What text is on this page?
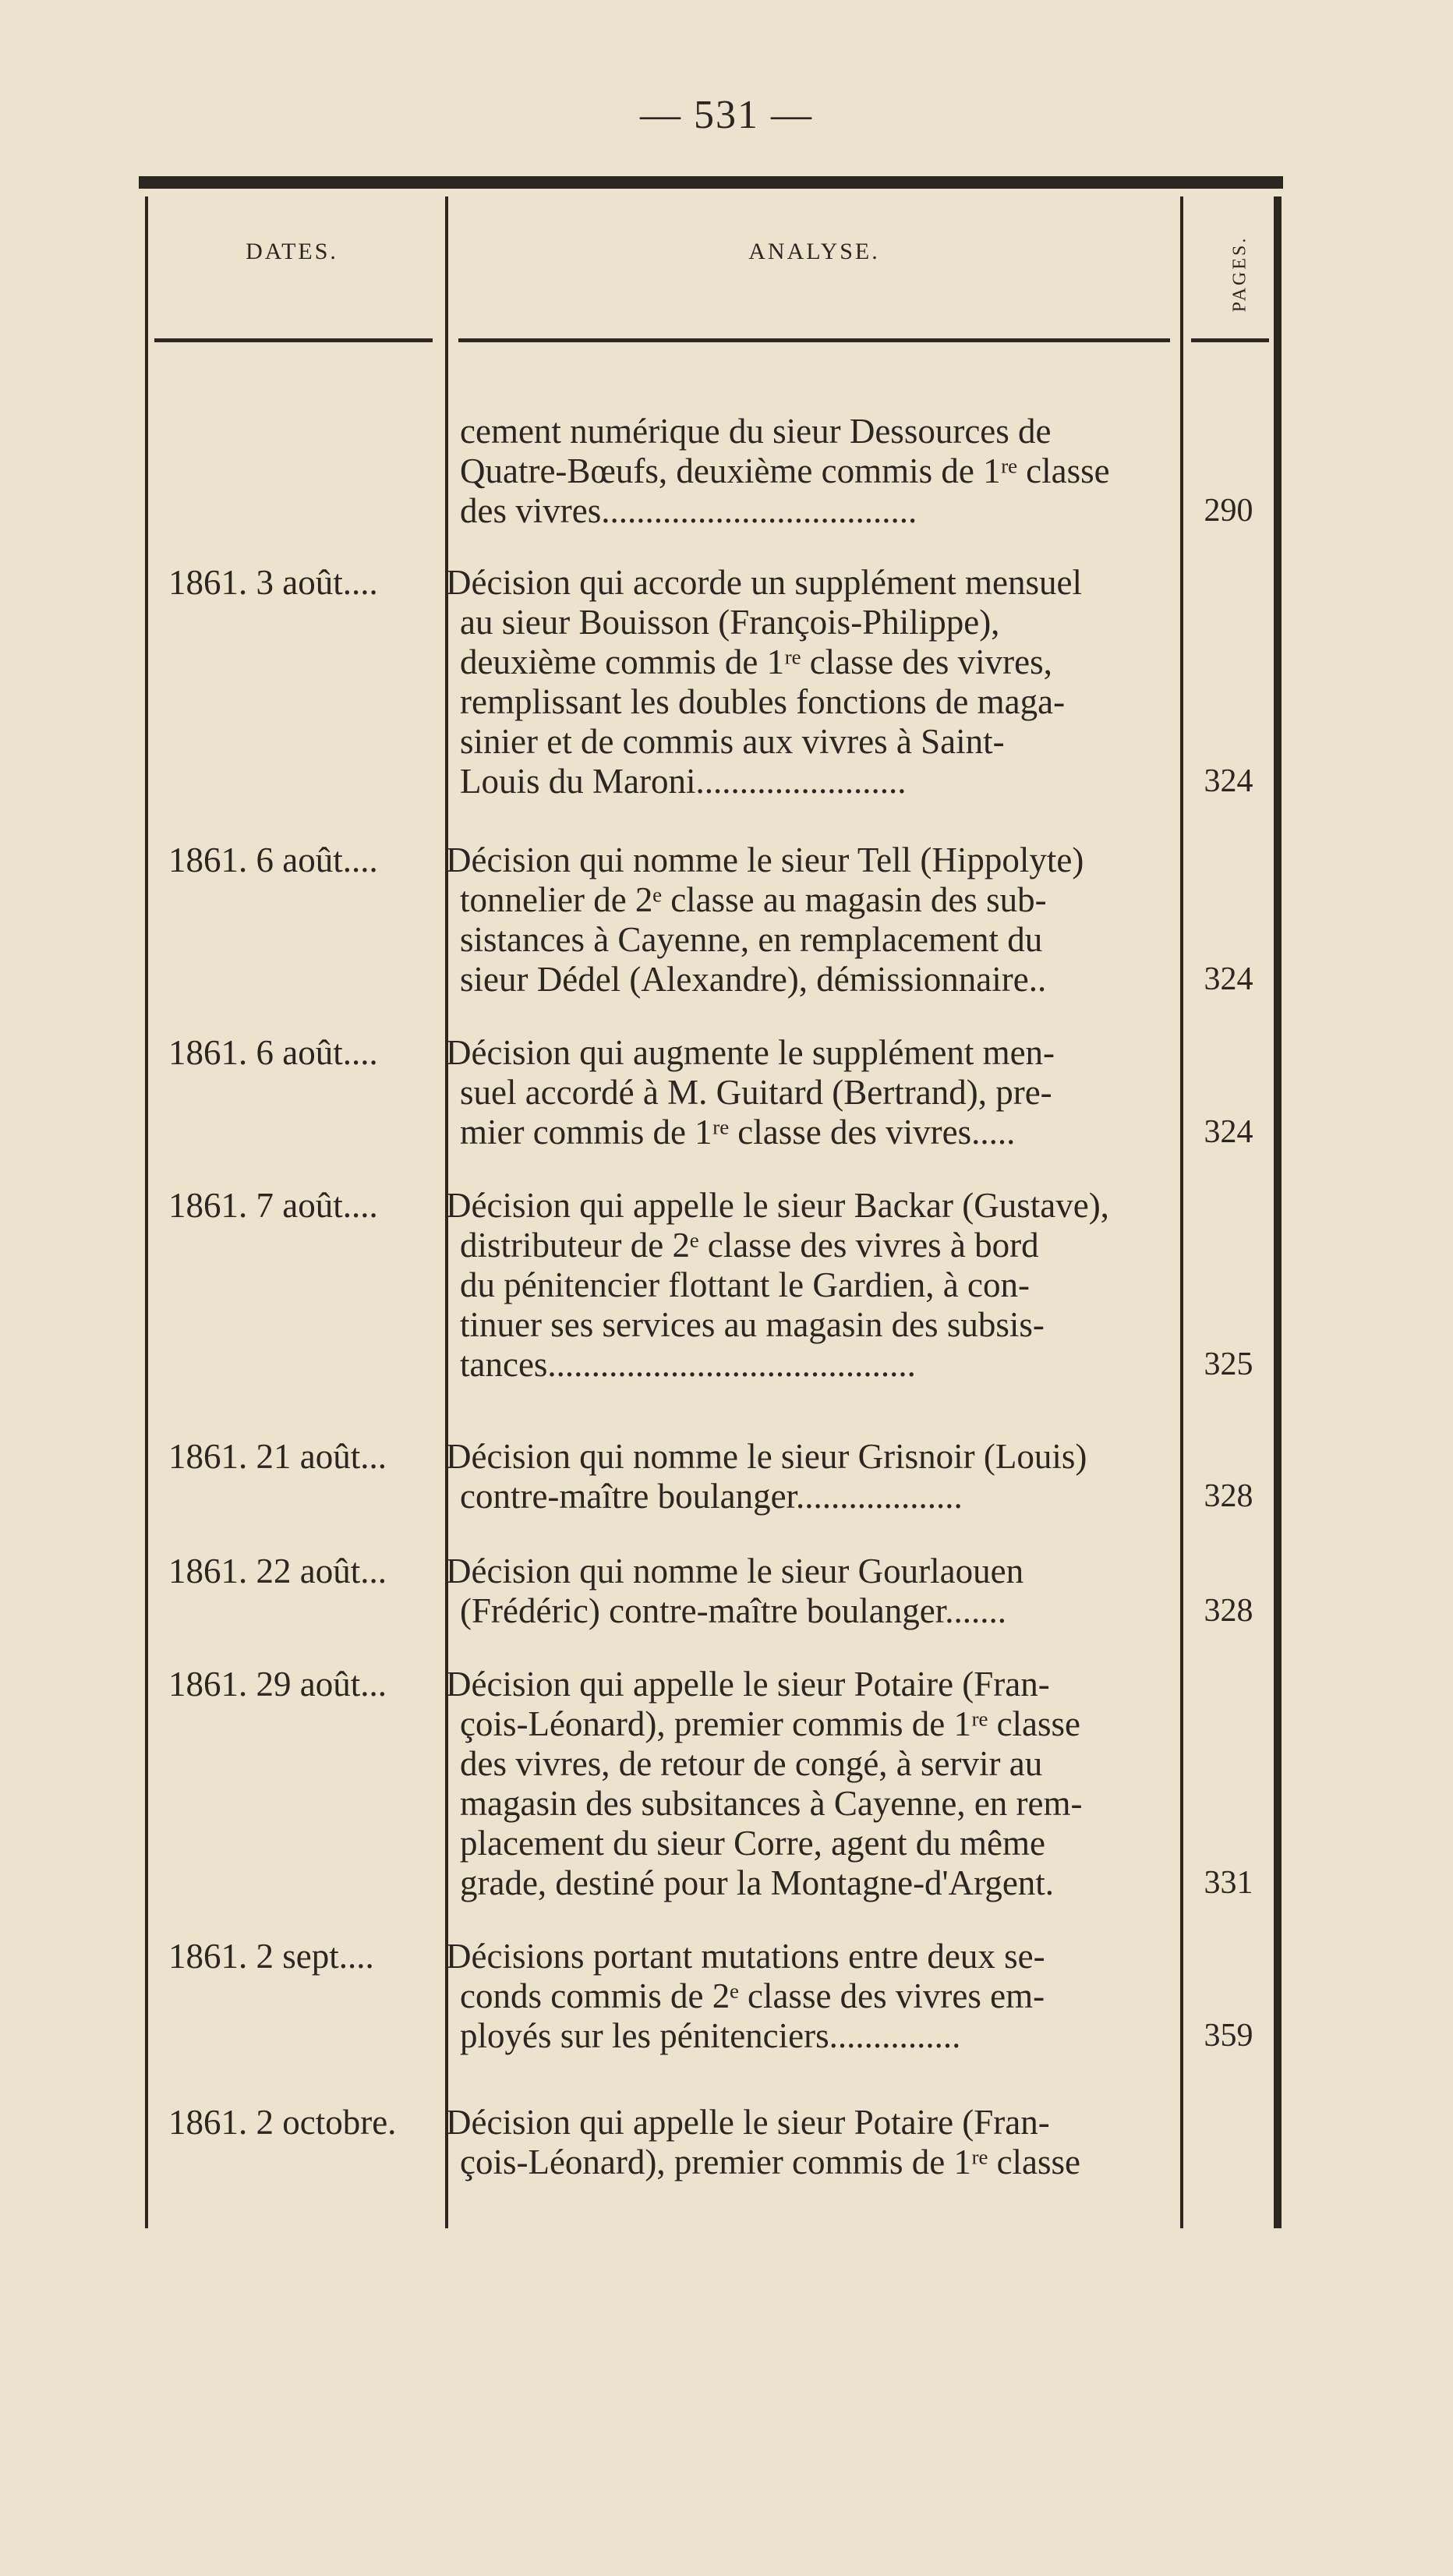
— 531 —
DATES.	ANALYSE.	PAGES.
cement numérique du sieur Dessources de
Quatre-Bœufs, deuxième commis de 1ʳᵉ classe
des vivres....................................	290
1861. 3 août.... Décision qui accorde un supplément mensuel
au sieur Bouisson (François-Philippe),
deuxième commis de 1ʳᵉ classe des vivres,
remplissant les doubles fonctions de maga-
sinier et de commis aux vivres à Saint-
Louis du Maroni........................	324
1861. 6 août.... Décision qui nomme le sieur Tell (Hippolyte)
tonnelier de 2ᵉ classe au magasin des sub-
sistances à Cayenne, en remplacement du
sieur Dédel (Alexandre), démissionnaire..	324
1861. 6 août.... Décision qui augmente le supplément men-
suel accordé à M. Guitard (Bertrand), pre-
mier commis de 1ʳᵉ classe des vivres.....	324
1861. 7 août.... Décision qui appelle le sieur Backar (Gustave),
distributeur de 2ᵉ classe des vivres à bord
du pénitencier flottant le Gardien, à con-
tinuer ses services au magasin des subsis-
tances..........................................	325
1861. 21 août... Décision qui nomme le sieur Grisnoir (Louis)
contre-maître boulanger...................	328
1861. 22 août... Décision qui nomme le sieur Gourlaouen
(Frédéric) contre-maître boulanger.......	328
1861. 29 août... Décision qui appelle le sieur Potaire (Fran-
çois-Léonard), premier commis de 1ʳᵉ classe
des vivres, de retour de congé, à servir au
magasin des subsitances à Cayenne, en rem-
placement du sieur Corre, agent du même
grade, destiné pour la Montagne-d'Argent.	331
1861. 2 sept.... Décisions portant mutations entre deux se-
conds commis de 2ᵉ classe des vivres em-
ployés sur les pénitenciers...............	359
1861. 2 octobre. Décision qui appelle le sieur Potaire (Fran-
çois-Léonard), premier commis de 1ʳᵉ classe
